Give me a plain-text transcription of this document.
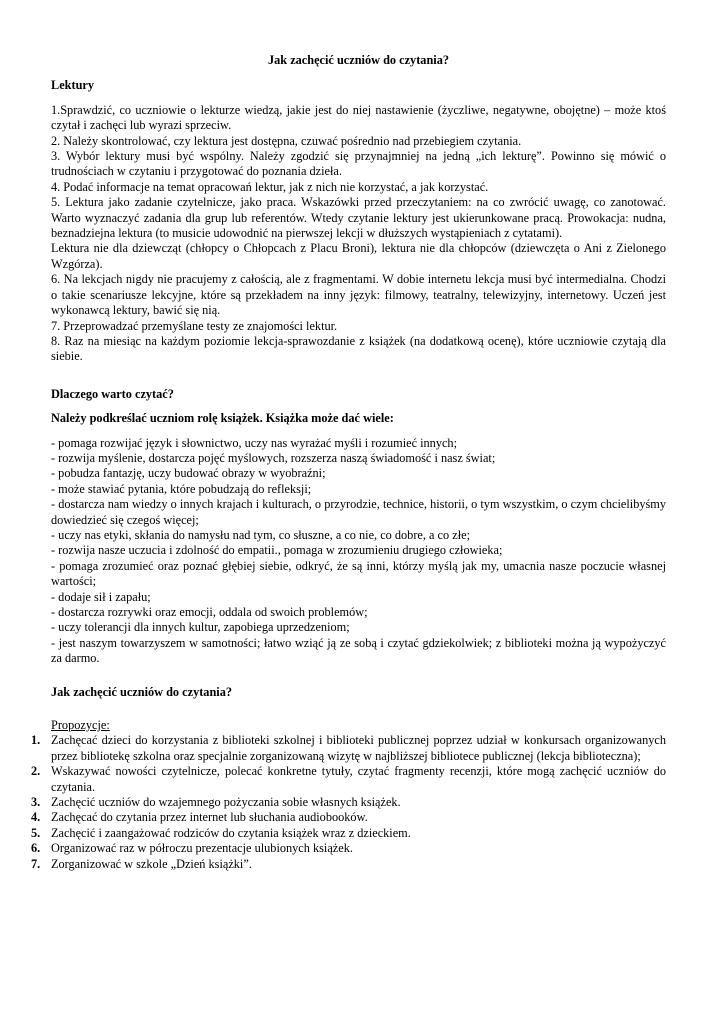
Jak zachęcić uczniów do czytania?
Lektury

1.Sprawdzić, co uczniowie o lekturze wiedzą, jakie jest do niej nastawienie (życzliwe, negatywne, obojętne) – może ktoś czytał i zachęci lub wyrazi sprzeciw.

2. Należy skontrolować, czy lektura jest dostępna, czuwać pośrednio nad przebiegiem czytania.

3. Wybór lektury musi być wspólny. Należy zgodzić się przynajmniej na jedną „ich lekturę”. Powinno się mówić o trudnościach w czytaniu i przygotować do poznania dzieła.

4. Podać informacje na temat opracowań lektur, jak z nich nie korzystać, a jak korzystać.

5. Lektura jako zadanie czytelnicze, jako praca. Wskazówki przed przeczytaniem: na co zwrócić uwagę, co zanotować. Warto wyznaczyć zadania dla grup lub referentów. Wtedy czytanie lektury jest ukierunkowane pracą. Prowokacja: nudna, beznadziejna lektura (to musicie udowodnić na pierwszej lekcji w dłuższych wystąpieniach z cytatami).

Lektura nie dla dziewcząt (chłopcy o Chłopcach z Placu Broni), lektura nie dla chłopców (dziewczęta o Ani z Zielonego Wzgórza).

6. Na lekcjach nigdy nie pracujemy z całością, ale z fragmentami. W dobie internetu lekcja musi być intermedialna. Chodzi o takie scenariusze lekcyjne, które są przekładem na inny język: filmowy, teatralny, telewizyjny, internetowy. Uczeń jest wykonawcą lektury, bawić się nią.

7. Przeprowadzać przemyślane testy ze znajomości lektur.

8. Raz na miesiąc na każdym poziomie lekcja-sprawozdanie z książek (na dodatkową ocenę), które uczniowie czytają dla siebie.

Dlaczego warto czytać?
Należy podkreślać uczniom rolę książek. Książka może dać wiele:

- pomaga rozwijać język i słownictwo, uczy nas wyrażać myśli i rozumieć innych;

- rozwija myślenie, dostarcza pojęć myślowych, rozszerza naszą świadomość i nasz świat;

- pobudza fantazję, uczy budować obrazy w wyobraźni;

- może stawiać pytania, które pobudzają do refleksji;

- dostarcza nam wiedzy o innych krajach i kulturach, o przyrodzie, technice, historii, o tym wszystkim, o czym chcielibyśmy dowiedzieć się czegoś więcej;

- uczy nas etyki, skłania do namysłu nad tym, co słuszne, a co nie, co dobre, a co złe;

- rozwija nasze uczucia i zdolność do empatii., pomaga w zrozumieniu drugiego człowieka;

- pomaga zrozumieć oraz poznać głębiej siebie, odkryć, że są inni, którzy myślą jak my, umacnia nasze poczucie własnej wartości;

- dodaje sił i zapału;

- dostarcza rozrywki oraz emocji, oddala od swoich problemów;

- uczy tolerancji dla innych kultur, zapobiega uprzedzeniom;

- jest naszym towarzyszem w samotności; łatwo wziąć ją ze sobą i czytać gdziekolwiek; z biblioteki można ją wypożyczyć za darmo.

Jak zachęcić uczniów do czytania?
Propozycje:
1. Zachęcać dzieci do korzystania z biblioteki szkolnej i biblioteki publicznej poprzez udział w konkursach organizowanych przez bibliotekę szkolna oraz specjalnie zorganizowaną wizytę w najbliższej bibliotece publicznej (lekcja biblioteczna);
2. Wskazywać nowości czytelnicze, polecać konkretne tytuły, czytać fragmenty recenzji, które mogą zachęcić uczniów do czytania.
3. Zachęcić uczniów do wzajemnego pożyczania sobie własnych książek.
4. Zachęcać do czytania przez internet lub słuchania audiobooków.
5. Zachęcić i zaangażować rodziców do czytania książek wraz z dzieckiem.
6. Organizować raz w półroczu prezentacje ulubionych książek.
7. Zorganizować w szkole „Dzień książki”.
